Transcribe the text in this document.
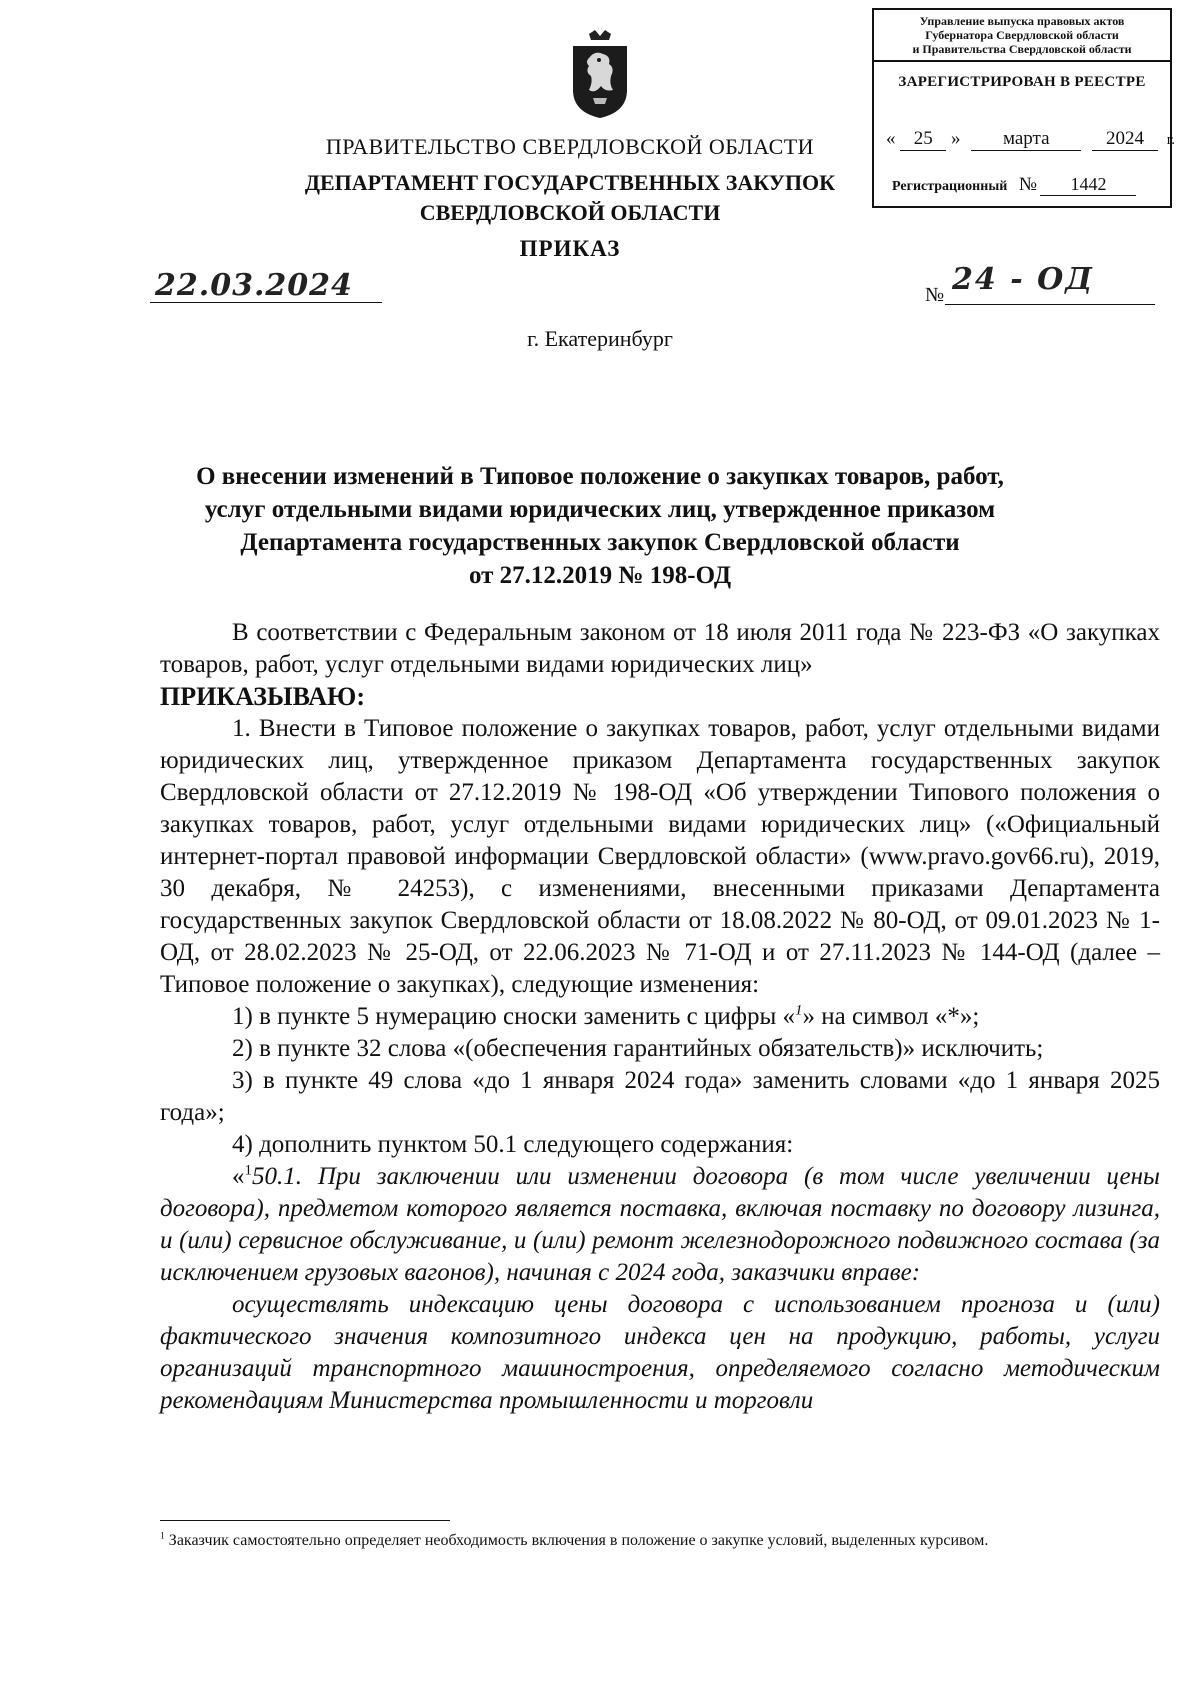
ПРАВИТЕЛЬСТВО СВЕРДЛОВСКОЙ ОБЛАСТИ
ДЕПАРТАМЕНТ ГОСУДАРСТВЕННЫХ ЗАКУПОК
СВЕРДЛОВСКОЙ ОБЛАСТИ
ПРИКАЗ
Управление выпуска правовых актов
Губернатора Свердловской области
и Правительства Свердловской области
ЗАРЕГИСТРИРОВАН В РЕЕСТРЕ
« 25 » марта	2024 г.
Регистрационный № 1442
22.03.2024	№ 24 - ОД
г. Екатеринбург
О внесении изменений в Типовое положение о закупках товаров, работ,
услуг отдельными видами юридических лиц, утвержденное приказом
Департамента государственных закупок Свердловской области
от 27.12.2019 № 198-ОД

В соответствии с Федеральным законом от 18 июля 2011 года № 223-ФЗ «О закупках товаров, работ, услуг отдельными видами юридических лиц»

ПРИКАЗЫВАЮ:

1. Внести в Типовое положение о закупках товаров, работ, услуг отдельными видами юридических лиц, утвержденное приказом Департамента государственных закупок Свердловской области от 27.12.2019 № 198-ОД «Об утверждении Типового положения о закупках товаров, работ, услуг отдельными видами юридических лиц» («Официальный интернет-портал правовой информации Свердловской области» (www.pravo.gov66.ru), 2019, 30 декабря, № 24253), с изменениями, внесенными приказами Департамента государственных закупок Свердловской области от 18.08.2022 № 80-ОД, от 09.01.2023 № 1-ОД, от 28.02.2023 № 25-ОД, от 22.06.2023 № 71-ОД и от 27.11.2023 № 144-ОД (далее – Типовое положение о закупках), следующие изменения:

1) в пункте 5 нумерацию сноски заменить с цифры «$^1$» на символ «*»;

2) в пункте 32 слова «(обеспечения гарантийных обязательств)» исключить;

3) в пункте 49 слова «до 1 января 2024 года» заменить словами «до 1 января 2025 года»;

4) дополнить пунктом 50.1 следующего содержания:

«$^1$50.1. При заключении или изменении договора (в том числе увеличении цены договора), предметом которого является поставка, включая поставку по договору лизинга, и (или) сервисное обслуживание, и (или) ремонт железнодорожного подвижного состава (за исключением грузовых вагонов), начиная с 2024 года, заказчики вправе:

осуществлять индексацию цены договора с использованием прогноза и (или) фактического значения композитного индекса цен на продукцию, работы, услуги организаций транспортного машиностроения, определяемого согласно методическим рекомендациям Министерства промышленности и торговли

$^1$ Заказчик самостоятельно определяет необходимость включения в положение о закупке условий, выделенных курсивом.
